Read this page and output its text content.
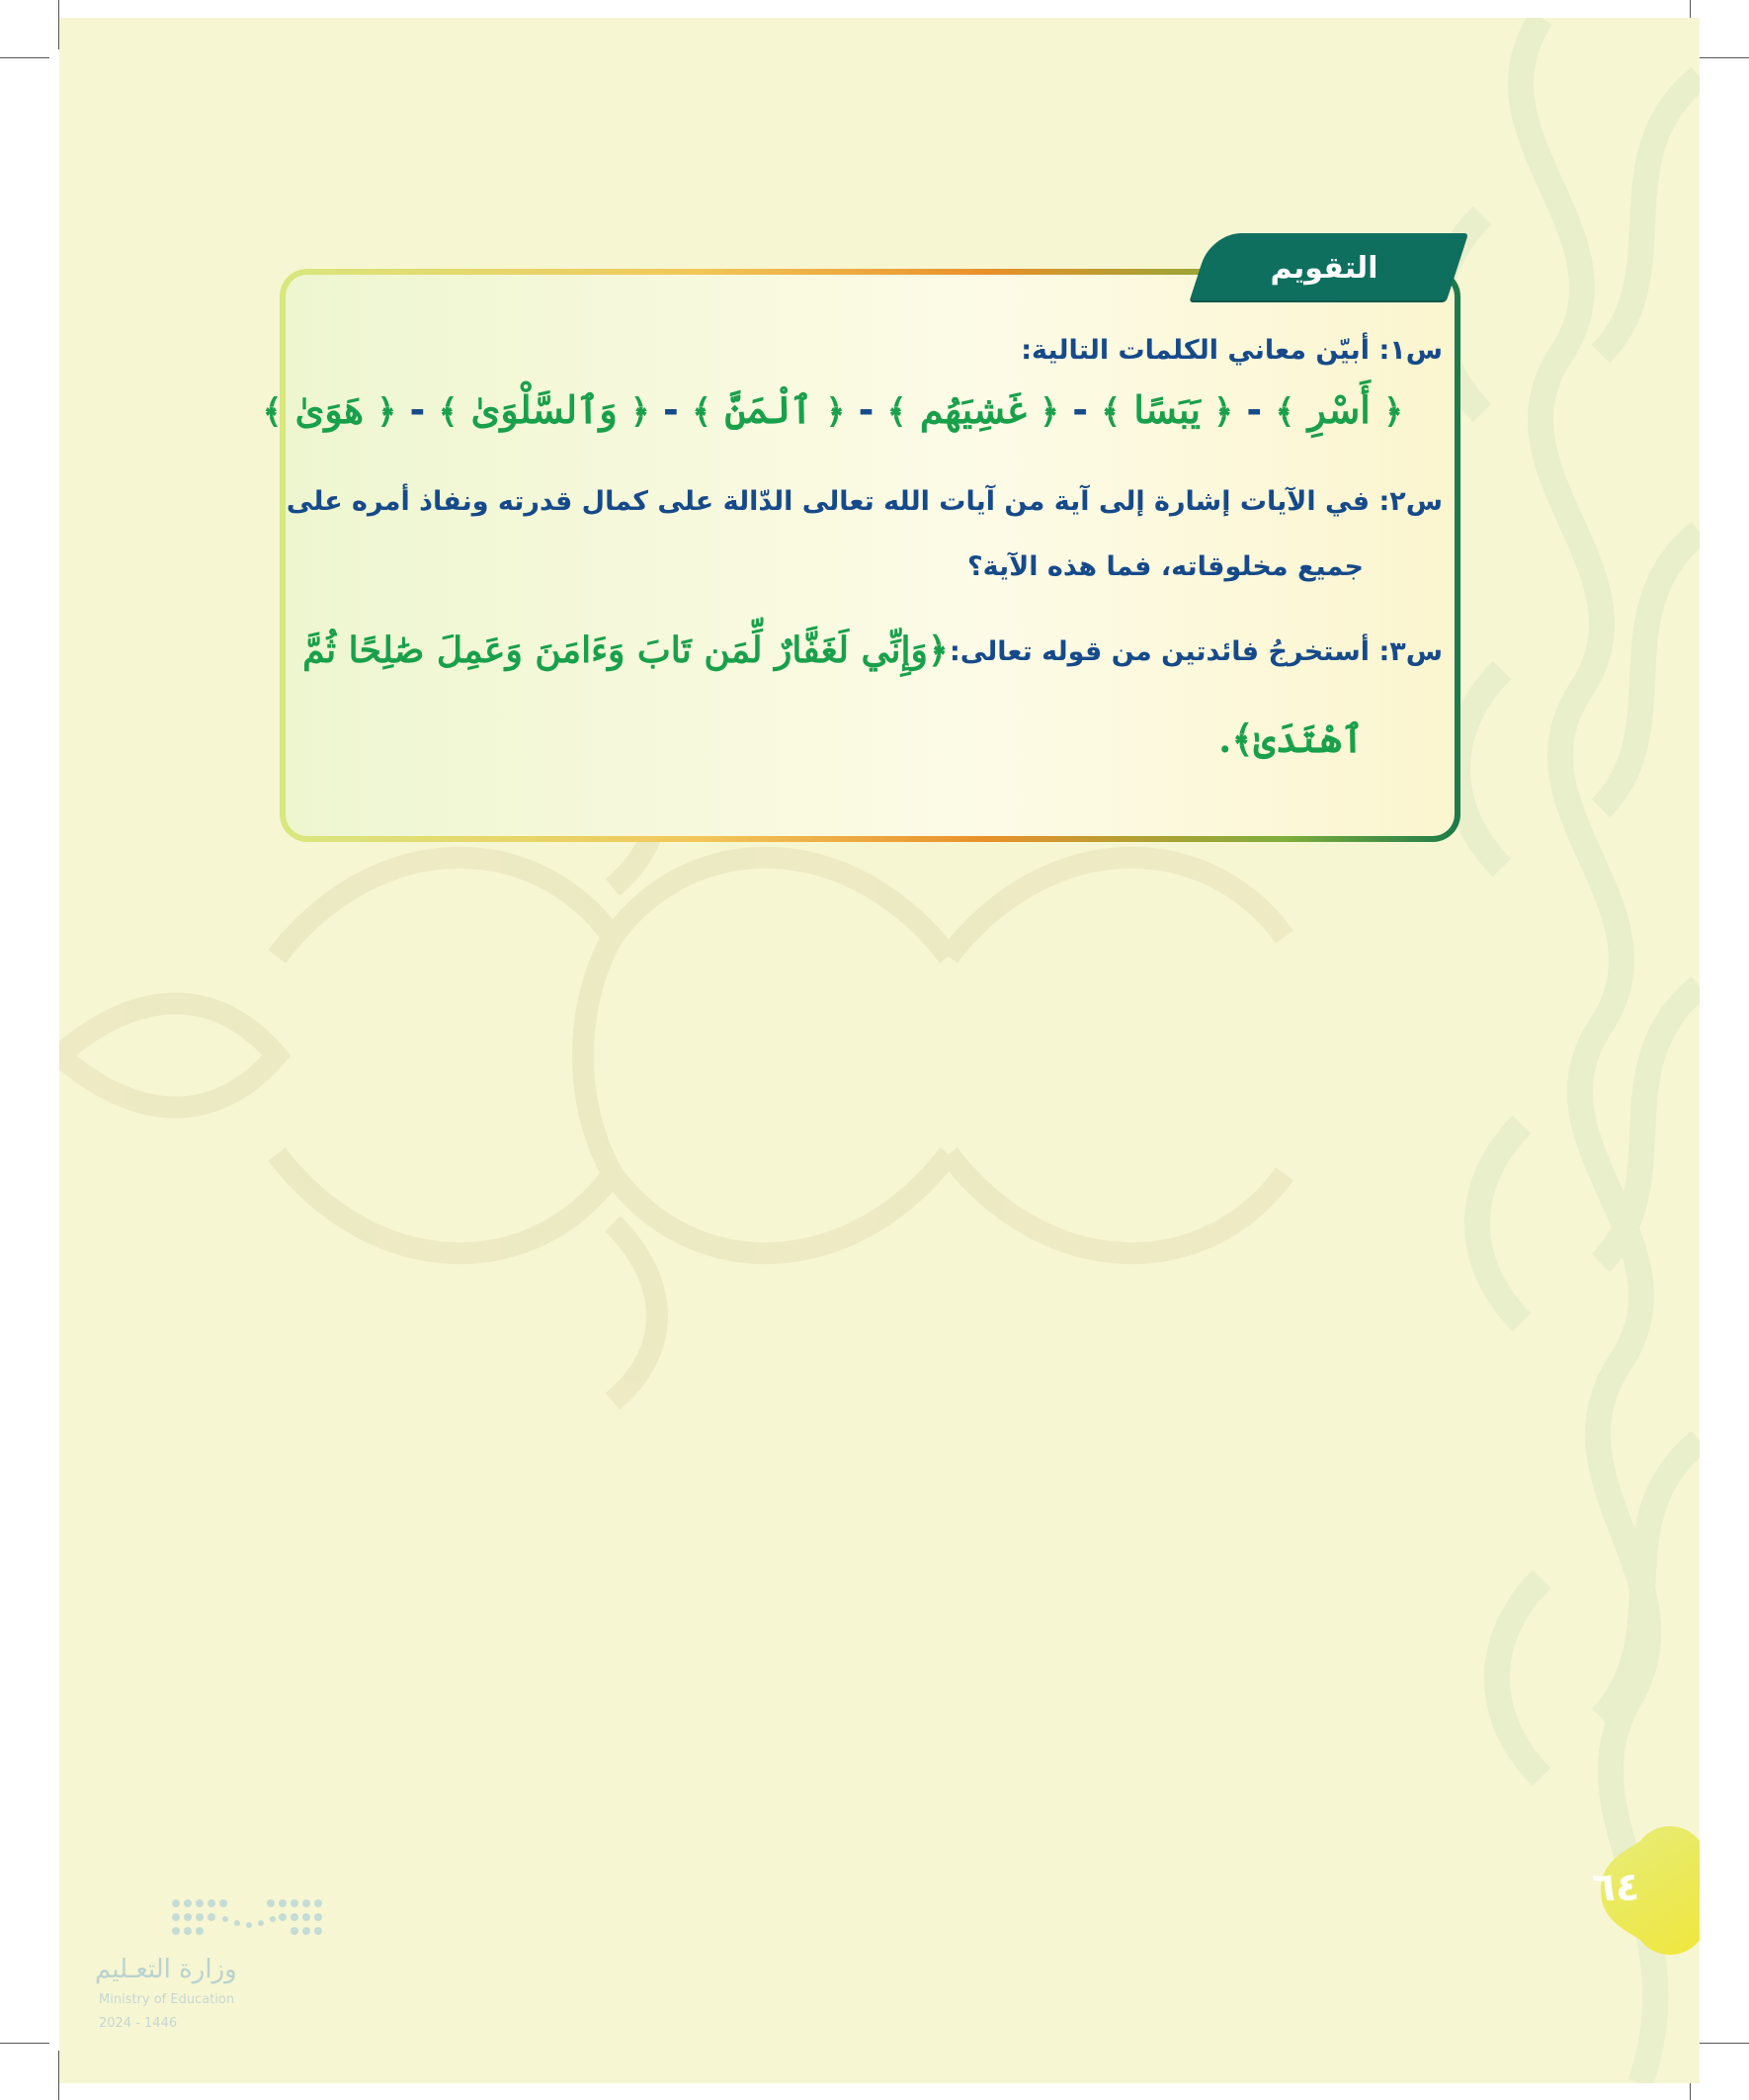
التقويم
س١: أبيّن معاني الكلمات التالية:
﴿ أَسْرِ ﴾ - ﴿ يَبَسًا ﴾ - ﴿ غَشِيَهُم ﴾ - ﴿ ٱلْمَنَّ ﴾ - ﴿ وَٱلسَّلْوَىٰ ﴾ - ﴿ هَوَىٰ ﴾
س٢: في الآيات إشارة إلى آية من آيات الله تعالى الدّالة على كمال قدرته ونفاذ أمره على
جميع مخلوقاته، فما هذه الآية؟
س٣: أستخرجُ فائدتين من قوله تعالى:
﴿وَإِنِّي لَغَفَّارٌ لِّمَن تَابَ وَءَامَنَ وَعَمِلَ صَٰلِحًا ثُمَّ
ٱهْتَدَىٰ﴾.
٦٤
وزارة التعـليم
Ministry of Education
2024 - 1446
